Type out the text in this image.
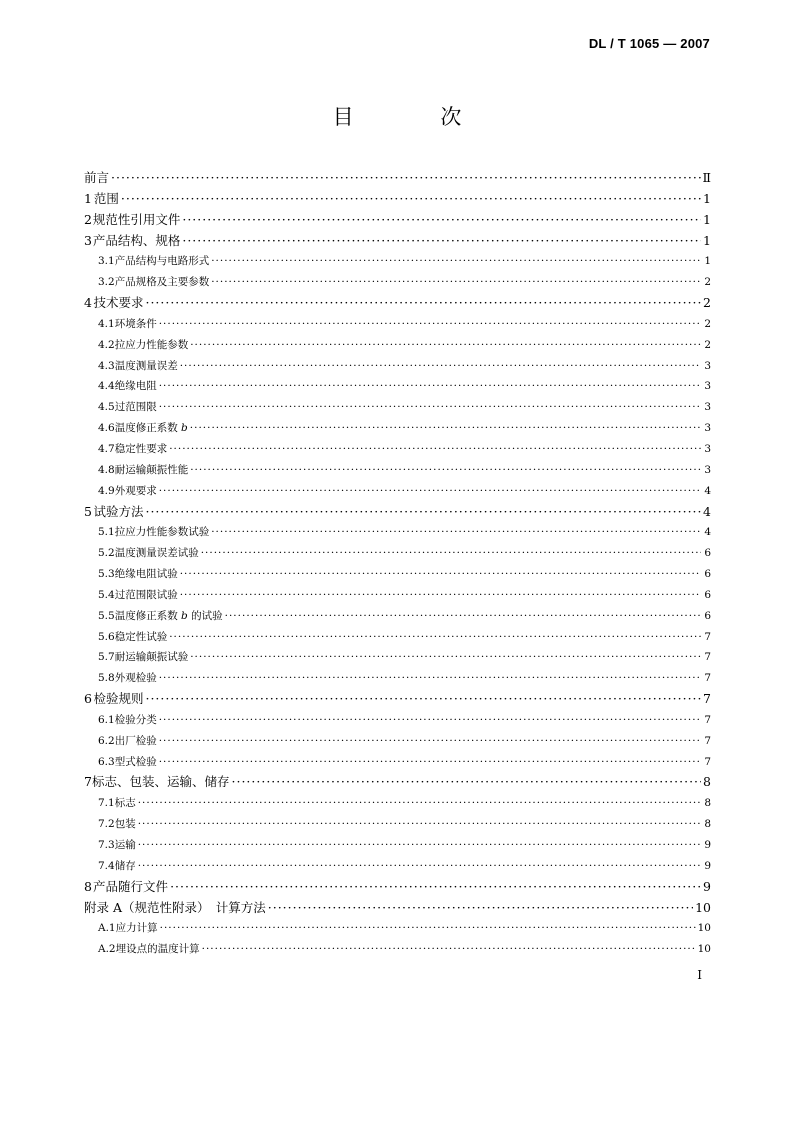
DL / T 1065 — 2007
目 次
前言 ·····	Ⅱ
1 范围 ·····	1
2 规范性引用文件 ·····	1
3 产品结构、规格 ·····	1
3.1 产品结构与电路形式 ·····	1
3.2 产品规格及主要参数 ·····	2
4 技术要求 ·····	2
4.1 环境条件 ·····	2
4.2 拉应力性能参数 ·····	2
4.3 温度测量误差 ·····	3
4.4 绝缘电阻 ·····	3
4.5 过范围限 ·····	3
4.6 温度修正系数 b ·····	3
4.7 稳定性要求 ·····	3
4.8 耐运输颠振性能 ·····	3
4.9 外观要求 ·····	4
5 试验方法 ·····	4
5.1 拉应力性能参数试验 ·····	4
5.2 温度测量误差试验 ·····	6
5.3 绝缘电阻试验 ·····	6
5.4 过范围限试验 ·····	6
5.5 温度修正系数 b 的试验 ·····	6
5.6 稳定性试验 ·····	7
5.7 耐运输颠振试验 ·····	7
5.8 外观检验 ·····	7
6 检验规则 ·····	7
6.1 检验分类 ·····	7
6.2 出厂检验 ·····	7
6.3 型式检验 ·····	7
7 标志、包装、运输、储存 ·····	8
7.1 标志 ·····	8
7.2 包装 ·····	8
7.3 运输 ·····	9
7.4 储存 ·····	9
8 产品随行文件 ·····	9
附录 A（规范性附录）　计算方法 ·····	10
A.1 应力计算 ·····	10
A.2 埋设点的温度计算 ·····	10
I
